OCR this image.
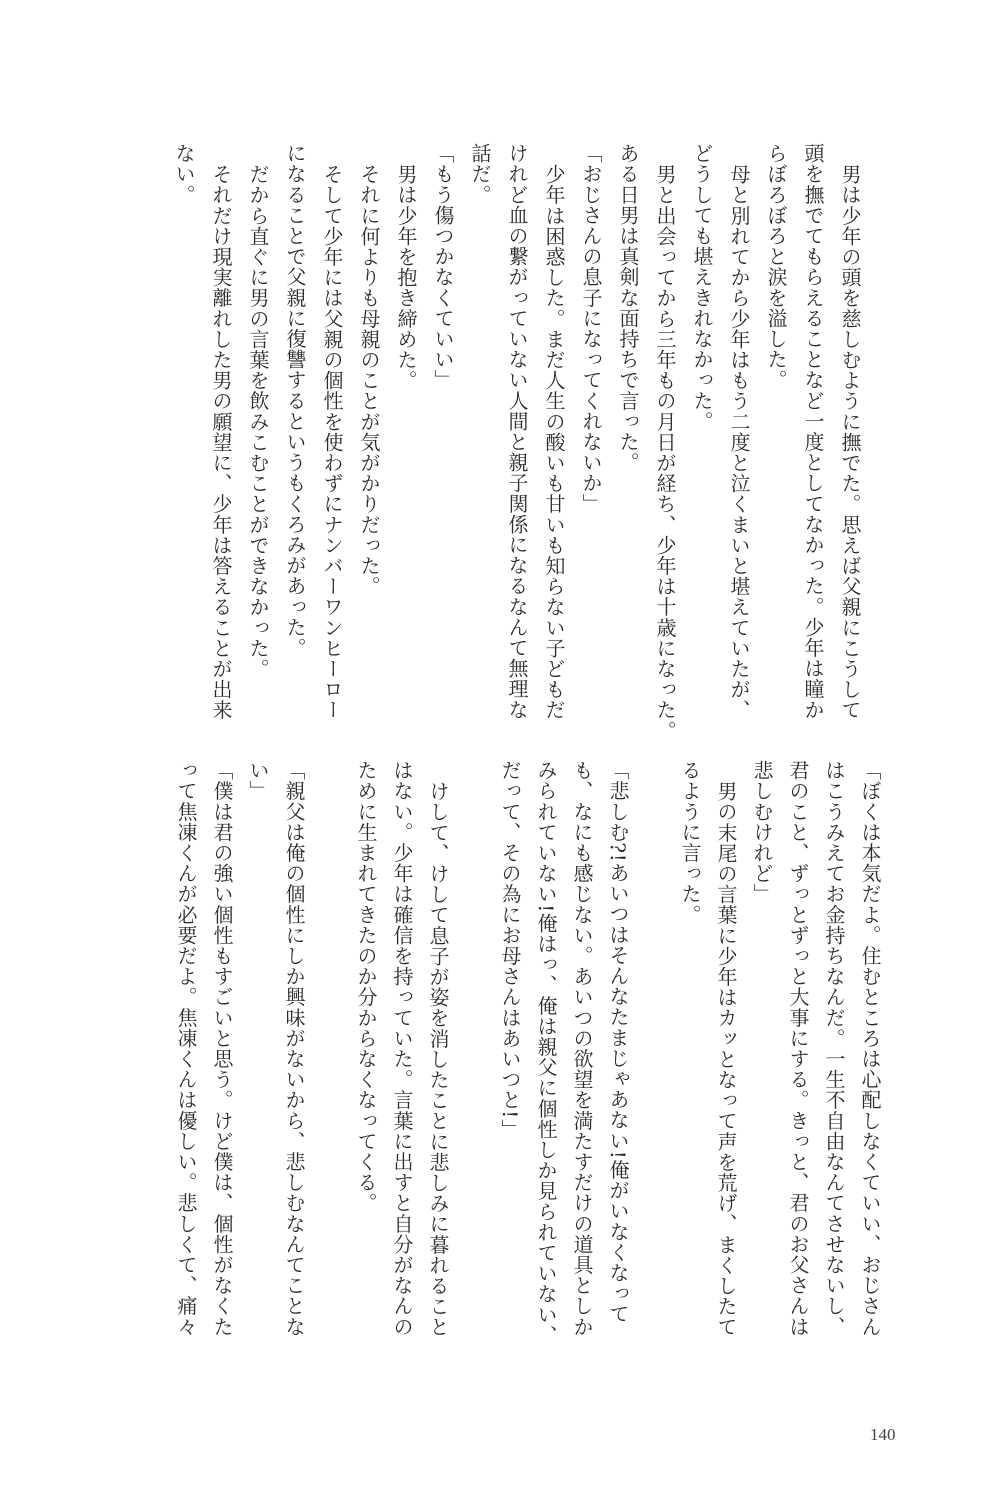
男は少年の頭を慈しむように撫でた。思えば父親にこうして
頭を撫でてもらえることなど一度としてなかった。少年は瞳か
らぼろぼろと涙を溢した。
母と別れてから少年はもう二度と泣くまいと堪えていたが、
どうしても堪えきれなかった。
男と出会ってから三年もの月日が経ち、少年は十歳になった。
ある日男は真剣な面持ちで言った。
「おじさんの息子になってくれないか」
少年は困惑した。まだ人生の酸いも甘いも知らない子どもだ
けれど血の繋がっていない人間と親子関係になるなんて無理な
話だ。
「もう傷つかなくていい」
男は少年を抱き締めた。
それに何よりも母親のことが気がかりだった。
そして少年には父親の個性を使わずにナンバーワンヒーロー
になることで父親に復讐するというもくろみがあった。
だから直ぐに男の言葉を飲みこむことができなかった。
それだけ現実離れした男の願望に、少年は答えることが出来
ない。
「ぼくは本気だよ。住むところは心配しなくていい、おじさん
はこうみえてお金持ちなんだ。一生不自由なんてさせないし、
君のこと、ずっとずっと大事にする。きっと、君のお父さんは
悲しむけれど」
男の末尾の言葉に少年はカッとなって声を荒げ、まくしたて
るように言った。
「悲しむ?!あいつはそんなたまじゃあない!俺がいなくなって
も、なにも感じない。あいつの欲望を満たすだけの道具としか
みられていない!俺はっ、俺は親父に個性しか見られていない、
だって、その為にお母さんはあいつと!」
けして、けして息子が姿を消したことに悲しみに暮れること
はない。少年は確信を持っていた。言葉に出すと自分がなんの
ために生まれてきたのか分からなくなってくる。
「親父は俺の個性にしか興味がないから、悲しむなんてことな
い」
「僕は君の強い個性もすごいと思う。けど僕は、個性がなくた
って焦凍くんが必要だよ。焦凍くんは優しい。悲しくて、痛々
140
